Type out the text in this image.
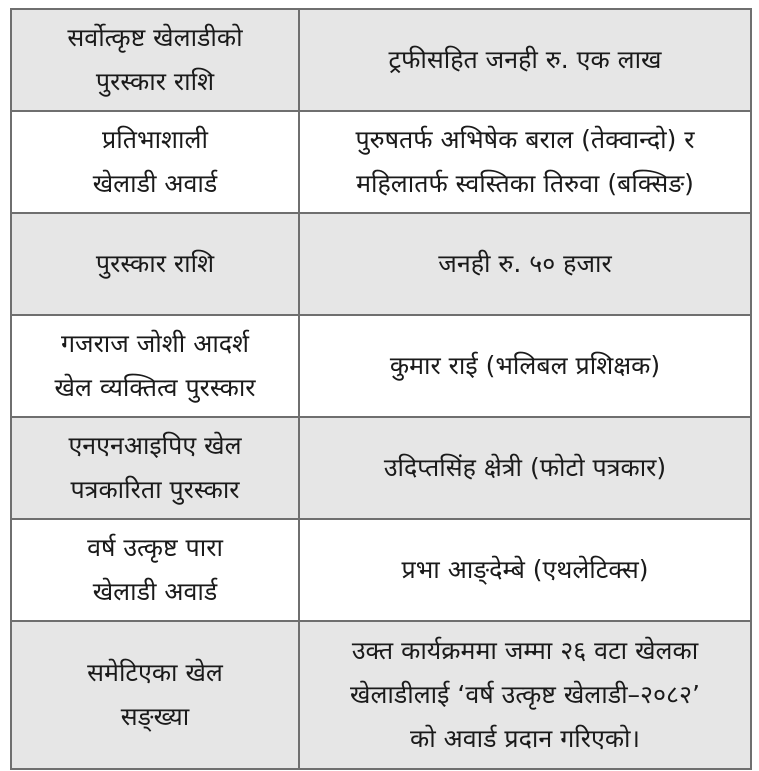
सर्वोत्कृष्ट खेलाडीको
पुरस्कार राशि	ट्रफीसहित जनही रु. एक लाख

प्रतिभाशाली
खेलाडी अवार्ड	पुरुषतर्फ अभिषेक बराल (तेक्वान्दो) र
महिलातर्फ स्वस्तिका तिरुवा (बक्सिङ)

पुरस्कार राशि	जनही रु. ५० हजार

गजराज जोशी आदर्श
खेल व्यक्तित्व पुरस्कार	कुमार राई (भलिबल प्रशिक्षक)

एनएनआइपिए खेल
पत्रकारिता पुरस्कार	उदिप्तसिंह क्षेत्री (फोटो पत्रकार)

वर्ष उत्कृष्ट पारा
खेलाडी अवार्ड	प्रभा आङ्देम्बे (एथलेटिक्स)

समेटिएका खेल
सङ्ख्या	उक्त कार्यक्रममा जम्मा २६ वटा खेलका
खेलाडीलाई ‘वर्ष उत्कृष्ट खेलाडी–२०८२’
को अवार्ड प्रदान गरिएको।
